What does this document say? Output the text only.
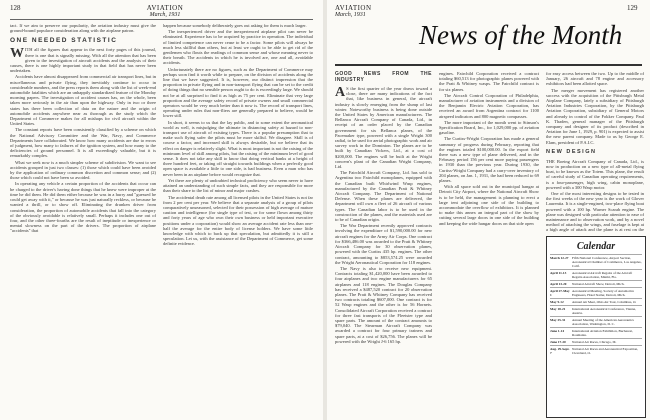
128	AVIATION
March, 1931

tact. If we aim to preserve our popularity, the aviation industry must give the ground-bound populace consideration along with the airplane patron.

ONE NEEDED STATISTIC

WITH all the figures that appear in the next forty pages of this journal, there is one that is signally missing. With all the attention that has been given to the investigation of aircraft accidents and the analysis of their causes, there is one highly important study in that field that has never been undertaken.

Accidents have almost disappeared from commercial air transport lines, but in miscellaneous and private flying, they inevitably continue to occur in considerable numbers, and the press reports them along with the list of week-end automobile fatalities which are an unhappily standardized feature of the Monday morning papers. The investigation of accident causes has, on the whole, been taken more seriously in the air than upon the highway. Only in two or three states has there been collection of data on the nature and the origin of automobile accidents anywhere near as thorough as the study which the Department of Commerce makes for all mishaps for civil aircraft within the United States.

The constant reports have been consistently classified by a scheme on which the National Advisory Committee and the War, Navy, and Commerce Departments have collaborated. We know how many accidents are due to errors of judgment, how many to failures of the ignition system, and how many to the deficiencies of ground personnel. It is all exceedingly valuable, but it is remarkably complex.

What we seek now is a much simpler scheme of subdivision. We want to see accidents grouped in just two classes: (1) those which could have been avoided by the application of ordinary common discretion and common sense; and (2) those which could not have been so avoided.

In operating any vehicle a certain proportion of the accidents that occur can be charged to the driver's having done things that he knew were improper at the time he did them. He did them either because he was in a hurry and "guessed he could get away with it," or because he was just naturally reckless, or because he wanted a thrill, or to show off. Eliminating the drunken driver from consideration, the proportion of automobile accidents that fall into the category of the obviously avoidable is relatively small. Perhaps it includes one out of four, and the other three-fourths are the result of ineptitude or inexperience or mental slowness on the part of the drivers. The proportion of airplane "accidents" that

happen because somebody deliberately goes out asking for them is much larger.

The inexperienced driver and the inexperienced airplane pilot can never be eliminated. Experience has to be acquired by practice in operation. The individual of limited competence can never cease to be a factor. Some pilots will always be much less skillful than others, but at least we ought to be able to get rid of the gentlemen who flouts the readings of common sense and whose meaning never to their breath. The accidents in which he is involved are, one and all, avoidable accidents.

Unfortunately there are no figures, such as the Department of Commerce may perhaps soon find it worth while to prepare, on the division of accidents along the line that we have suggested. It is, however, our distinct impression that the proportion in private flying and in non-transport flying that can be set to the credit of doing things that no sensible person ought to do is exceedingly large. We should not be at all surprised to find it as high as 75 per cent. Eliminate that very large proportion and the average safety record of private owners and small commercial operators would be very much better than it now is. The record of transport lines, operating under rules that non-fliers are generally prepared to believe, would be lower still.

In short, it seems to us that the lay public, and to some extent the aeronautical world as well, is misjudging the ultimate in distancing safety at hazard to non-transport use of aircraft of existing types. There is a popular presumption that to make such flying safer the pilots must be more skilful. We disagree. Skill is of course a factor, and increased skill is always desirable, but we believe that its effect on danger is relatively slight. What is most important is not the raising of the minimum level of skill among pilots, but the raising of the minimum level of good sense. It does not take any skill to know that doing vertical banks at a height of three hundred feet, or taking off straight towards buildings when a perfectly good open space is available a little to one side, is bad business. Even a man who has never been in an airplane before would recognize that.

Yet there are plenty of undoubted technical proficiency who seem never to have attained an understanding of such simple facts, and they are responsible for more than their share to the list of minor and major crashes.

The accidental death rate among all licensed pilots in the United States is not far from 2 per cent per year. We believe that a separate analysis of a group of pilots comparatively unseasoned, selected for their possession of high average of mature caution and intelligence (for single type of test, or for some flown among thirty and forty years of age who own their own business or held important executive positions under a corporation) would show an average accident rate less than one-half the average for the entire body of license holders. We have some little knowledge with which to back up that speculation, but admittedly it is still a speculation. Let us, with the assistance of the Department of Commerce, get some definite evidence.

AVIATION
March, 1931
129
News of the Month
GOOD NEWS FROM THE INDUSTRY

A S the first quarter of the year draws toward a close, there are many indications of the fact that, like business in general, the aircraft industry is slowly emerging from the slump of last winter. Noteworthy business is being done outside the United States by American manufacturers. The Bellanca Aircraft Company of Canada, Ltd., in receipt of an order placed by the Canadian government for six Bellanca planes, of the Pacemaker type, powered with a single Wright 300 radial, to be used for aerial photographic work and air survey work in the Dominion. The planes are to be built by Canadian Vickers, Ltd., at a cost of $200,000. The engines will be built at the Wright concern's plant of the Canadian Wright Company, Ltd.

The Fairchild Aircraft Company, Ltd. has sold to Argentina two Fairchild monoplanes, equipped with the Canadian built Whirlwind Wasp engines, manufactured by the Canadian Pratt & Whitney Aircraft Company. The Department of National Defense. When these planes are delivered, the department will own a fleet of 26 aircraft of various types. The Canadian labor is to be used in the construction of the planes, and the materials used are to be of Canadian origin.

The War Department recently approved contracts involving the expenditure of $1,590,000.00 for new aircraft engines for the Army Air Corps. One contract for $366,486.00 was awarded to the Pratt & Whitney Aircraft Company for 30 observation planes, powered with the Curtiss 435 hp. engines. The other contract, amounting to $853,574.25 were awarded the Wright Aeronautical Corporation for 118 engines.

The Navy is also to receive new equipment. Contracts totaling $1,420,000 have been awarded to four airplanes and two engine manufacturers for 65 airplanes and 118 engines. The Douglas Company has received a $487,520 contract for 20 observation planes. The Pratt & Whitney Company has received two contracts totaling $607,000. One contract is for 52 Wasp engines and the other is for 56 Hornets. Consolidated Aircraft Corporation received a contract for three fast transports of the Fleetster type and spare parts. The amount of the contract amounts to $79,040. The Stearman Aircraft Company was awarded a contract for four primary trainers and spare parts, at a cost of $26,756. The planes will be powered with the Wright J-6 165 hp.

engines. Fairchild Corporation received a contract totaling $60,513 for photographic planes powered with the Pratt & Whitney wasps. The Fairchild contract is for six planes.

The Aircraft Control Corporation of Philadelphia, manufacturer of aviation instruments and a division of the Benjamin Electric Aviation Corporation, has received an award from Argentina contract for 1100 airspeed indicators and 800 magnetic compasses.

The more important of the month went to Stinson's Specification Board, Inc., for 1,029,000 pp. of aviation gasoline.

The Curtiss-Wright Corporation has made a general summary of progress during February, reporting that the engines totaled $100,000.00. In the export field there was a new type of plane delivered, and in the February period 156 per cent more paying passengers in 1930 than the previous year. During 1930, the Curtiss-Wright Company had a carry-over inventory of 204 planes, on Jan. 1, 1931, the had been reduced to 69 planes.

With all space sold out in the municipal hangar at Detroit City Airport, where the National Aircraft Show is to be held, the management is planning to erect a large tent adjoining one side of the building to accommodate the overflow of exhibitors. It is planned to make this annex an integral part of the show by cutting several large doors in one side of the building and keeping the wide hangar doors on that side open

for easy access between the two. Up to the middle of January, 26 aircraft and 78 engine and accessory exhibitors had been allotted space.

The merger movement has registered another success with the acquisition of the Pittsburgh Metal Airplane Company, lately a subsidiary of Pittsburgh Aviation Industries Corporation, by the Pittsburgh Aviation Corporation, subsidiary of General Motors and already in control of the Fokker Company. Paul K. Thaden, general manager of the Pittsburgh company and designer of its product (described in Aviation for June 1, 1929, p. 901) is expected to assist the new parent company. Made to us by George E. Elam, president of P.A.I.C.

NEW DESIGN

THE Boeing Aircraft Company of Canada, Ltd., is now in production on a new type of all-metal flying boat, to be known as the Totem. This plane, the result of careful study of Canadian operating requirements, is a four-passenger, high wing, cabin monoplane, powered with a 300 Wasp motor.

One of the most interesting designs to be tested in the first weeks of the new year is the work of Glover Laurentia. It is a single-engined, two-place flying boat powered with a 100 hp. Warner Scarab engine. The plane was designed with particular attention to ease of maintenance and to observation work, and by a novel method of attaching the wings, and fuselage is kept at a high angle of attack and the plane is at rest on the

Calendar
March 12-27	Fifth National Conference, Airport Section, Aeronautical Chamber of Commerce, Los Angeles, Calif.
April 11-13	Aeronautical Aircraft Regatta of the Aircraft Regatta Association, Miami, Fla.
April 13-20	National Aircraft Show, Detroit, Mich.
April 27-May 1
Aeronautical Meeting, Society of Automotive Engineers, Hotel Statler, Detroit, Mich.
May 9-12	Annual Air Meet, Ohio Air Tour, Columbus, O.
May 18-21	International Aeronautical Conference, Vienna, Austria.
May 25-31	Annual Meeting of the American Aeronautics Association, Washington, D. C.
June 1-14	International Aviation Exhibition, Bucharest, Roumania.
June 17-20	National Air Races, Chicago, Ill.
Aug. 29-Sept. 7
National Air Races and Aeronautical Exposition, Cleveland, O.
